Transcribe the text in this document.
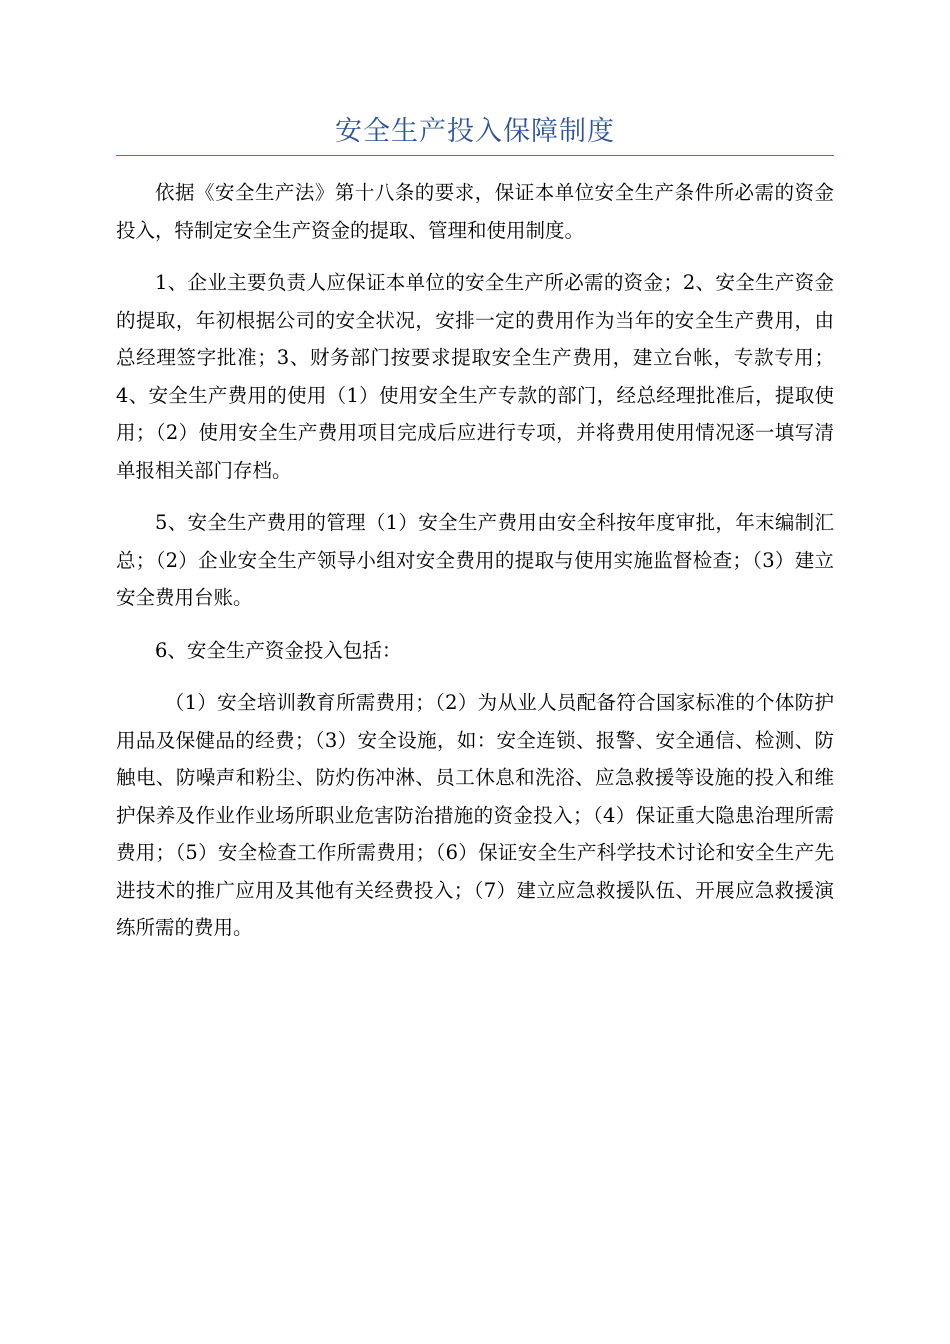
安全生产投入保障制度

依据《安全生产法》第十八条的要求，保证本单位安全生产条件所必需的资金投入，特制定安全生产资金的提取、管理和使用制度。

1、企业主要负责人应保证本单位的安全生产所必需的资金；2、安全生产资金的提取，年初根据公司的安全状况，安排一定的费用作为当年的安全生产费用，由总经理签字批准；3、财务部门按要求提取安全生产费用，建立台帐，专款专用；4、安全生产费用的使用（1）使用安全生产专款的部门，经总经理批准后，提取使用；（2）使用安全生产费用项目完成后应进行专项，并将费用使用情况逐一填写清单报相关部门存档。

5、安全生产费用的管理（1）安全生产费用由安全科按年度审批，年末编制汇总；（2）企业安全生产领导小组对安全费用的提取与使用实施监督检查；（3）建立安全费用台账。

6、安全生产资金投入包括：

（1）安全培训教育所需费用；（2）为从业人员配备符合国家标准的个体防护用品及保健品的经费；（3）安全设施，如：安全连锁、报警、安全通信、检测、防触电、防噪声和粉尘、防灼伤冲淋、员工休息和洗浴、应急救援等设施的投入和维护保养及作业作业场所职业危害防治措施的资金投入；（4）保证重大隐患治理所需费用；（5）安全检查工作所需费用；（6）保证安全生产科学技术讨论和安全生产先进技术的推广应用及其他有关经费投入；（7）建立应急救援队伍、开展应急救援演练所需的费用。
